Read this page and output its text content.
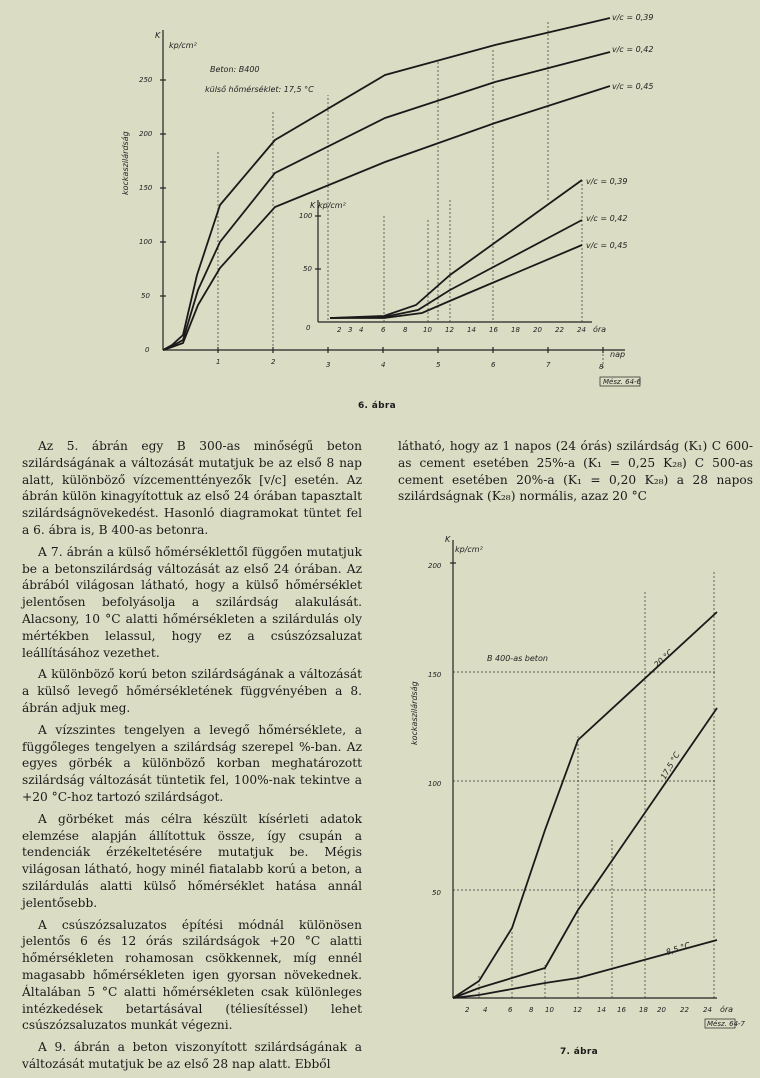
0
50
100
150
200
250
1	2	3	4	5	6	7	8
v/c = 0,39
v/c = 0,42
v/c = 0,45
Beton: B400
külső hőmérséklet: 17,5 °C
K
kp/cm²
kockaszilárdság
nap
Mész. 64-6
0
50
100
K kp/cm²
2 3 4	6	8 10 12 14 16 18 20 22 24 óra
v/c = 0,39
v/c = 0,42
v/c = 0,45
6. ábra

Az 5. ábrán egy B 300-as minőségű beton szilárdságának a változását mutatjuk be az első 8 nap alatt, különböző vízcementtényezők [v/c] esetén. Az ábrán külön kinagyítottuk az első 24 órában tapasztalt szilárdságnövekedést. Hasonló diagramokat tüntet fel a 6. ábra is, B 400-as betonra.

A 7. ábrán a külső hőmérséklettől függően mutatjuk be a betonszilárdság változását az első 24 órában. Az ábrából világosan látható, hogy a külső hőmérséklet jelentősen befolyásolja a szilárdság alakulását. Alacsony, 10 °C alatti hőmérsékleten a szilárdulás oly mértékben lelassul, hogy ez a csúszózsaluzat leállításához vezethet.

A különböző korú beton szilárdságának a változását a külső levegő hőmérsékletének függvényében a 8. ábrán adjuk meg.

A vízszintes tengelyen a levegő hőmérséklete, a függőleges tengelyen a szilárdság szerepel %-ban. Az egyes görbék a különböző korban meghatározott szilárdság változását tüntetik fel, 100%-nak tekintve a +20 °C-hoz tartozó szilárdságot.

A görbéket más célra készült kísérleti adatok elemzése alapján állítottuk össze, így csupán a tendenciák érzékeltetésére mutatjuk be. Mégis világosan látható, hogy minél fiatalabb korú a beton, a szilárdulás alatti külső hőmérséklet hatása annál jelentősebb.

A csúszózsaluzatos építési módnál különösen jelentős 6 és 12 órás szilárdságok +20 °C alatti hőmérsékleten rohamosan csökkennek, míg ennél magasabb hőmérsékleten igen gyorsan növekednek. Általában 5 °C alatti hőmérsékleten csak különleges intézkedések betartásával (téliesítéssel) lehet csúszózsaluzatos munkát végezni.

A 9. ábrán a beton viszonyított szilárdságának a változását mutatjuk be az első 28 nap alatt. Ebből

látható, hogy az 1 napos (24 órás) szilárdság (K₁) C 600-as cement esetében 25%-a (K₁ = 0,25 K₂₈) C 500-as cement esetében 20%-a (K₁ = 0,20 K₂₈) a 28 napos szilárdságnak (K₂₈) normális, azaz 20 °C

200
150
100
50
2 4	6 8 10	12 14 16 18 20 22 24 óra
Mész. 64-7
K
kp/cm²
kockaszilárdság
B 400-as beton	20 °C
17,5 °C
8,5 °C
7. ábra
